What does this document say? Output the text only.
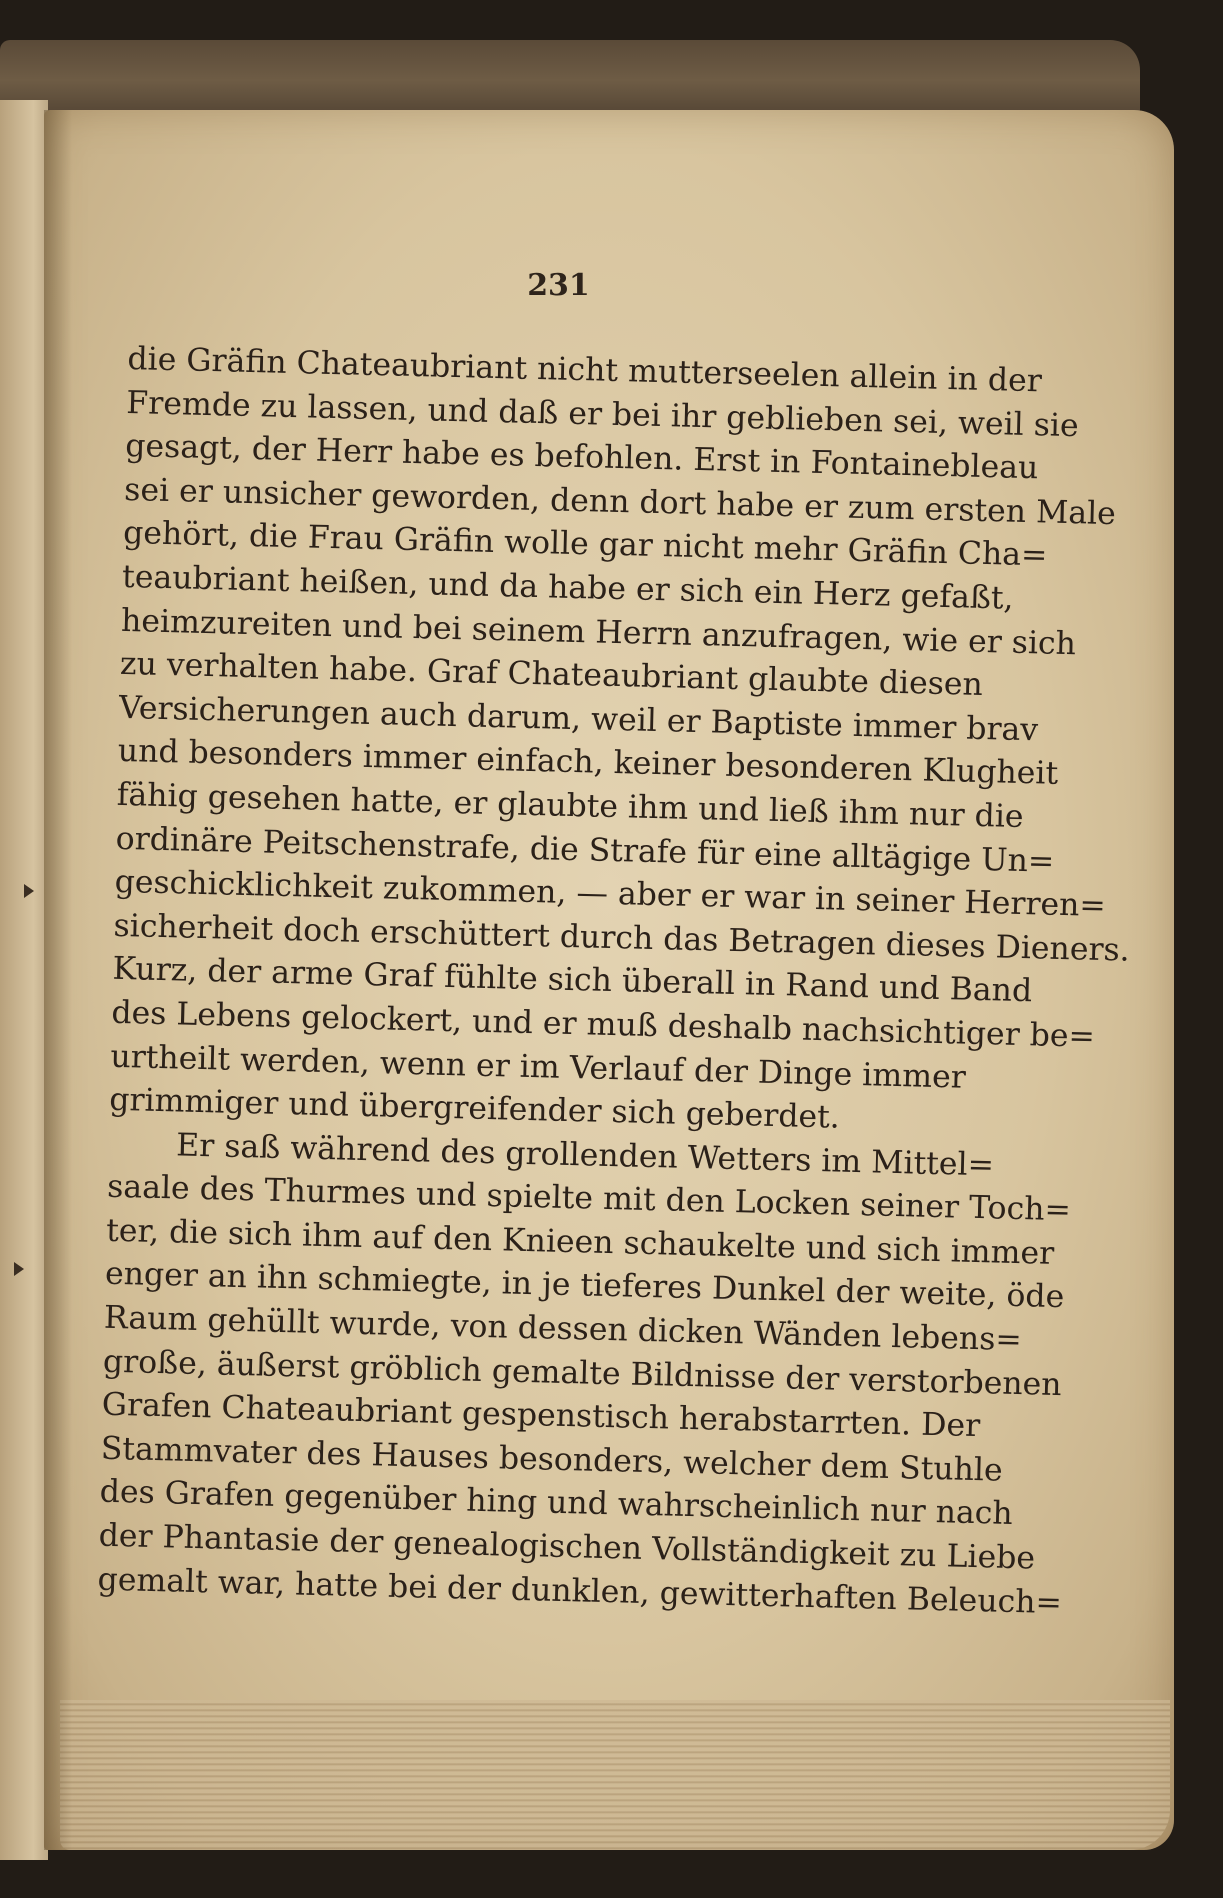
231
die Gräfin Chateaubriant nicht mutterseelen allein in der
Fremde zu lassen, und daß er bei ihr geblieben sei, weil sie
gesagt, der Herr habe es befohlen. Erst in Fontainebleau
sei er unsicher geworden, denn dort habe er zum ersten Male
gehört, die Frau Gräfin wolle gar nicht mehr Gräfin Cha=
teaubriant heißen, und da habe er sich ein Herz gefaßt,
heimzureiten und bei seinem Herrn anzufragen, wie er sich
zu verhalten habe. Graf Chateaubriant glaubte diesen
Versicherungen auch darum, weil er Baptiste immer brav
und besonders immer einfach, keiner besonderen Klugheit
fähig gesehen hatte, er glaubte ihm und ließ ihm nur die
ordinäre Peitschenstrafe, die Strafe für eine alltägige Un=
geschicklichkeit zukommen, — aber er war in seiner Herren=
sicherheit doch erschüttert durch das Betragen dieses Dieners.
Kurz, der arme Graf fühlte sich überall in Rand und Band
des Lebens gelockert, und er muß deshalb nachsichtiger be=
urtheilt werden, wenn er im Verlauf der Dinge immer
grimmiger und übergreifender sich geberdet.
Er saß während des grollenden Wetters im Mittel=
saale des Thurmes und spielte mit den Locken seiner Toch=
ter, die sich ihm auf den Knieen schaukelte und sich immer
enger an ihn schmiegte, in je tieferes Dunkel der weite, öde
Raum gehüllt wurde, von dessen dicken Wänden lebens=
große, äußerst gröblich gemalte Bildnisse der verstorbenen
Grafen Chateaubriant gespenstisch herabstarrten. Der
Stammvater des Hauses besonders, welcher dem Stuhle
des Grafen gegenüber hing und wahrscheinlich nur nach
der Phantasie der genealogischen Vollständigkeit zu Liebe
gemalt war, hatte bei der dunklen, gewitterhaften Beleuch=
